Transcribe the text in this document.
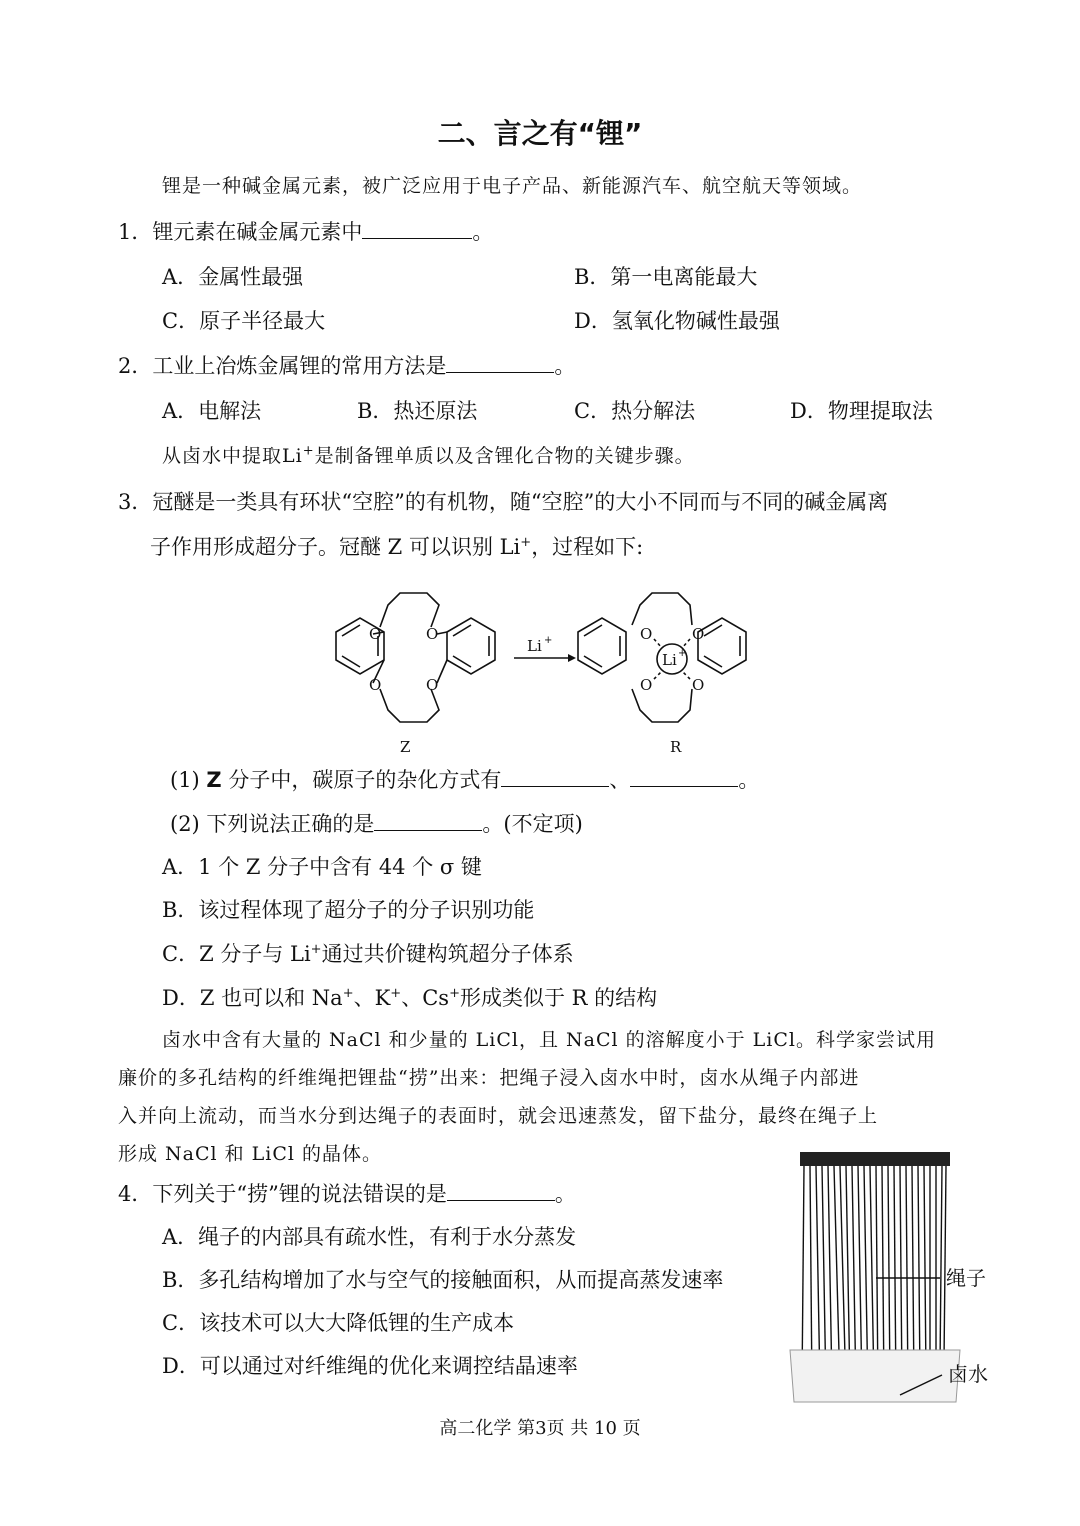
二、言之有“锂”
锂是一种碱金属元素，被广泛应用于电子产品、新能源汽车、航空航天等领域。
1．锂元素在碱金属元素中	。
A．金属性最强	B．第一电离能最大
C．原子半径最大	D．氢氧化物碱性最强
2．工业上冶炼金属锂的常用方法是	。
A．电解法	B．热还原法	C．热分解法	D．物理提取法
从卤水中提取Li+是制备锂单质以及含锂化合物的关键步骤。
3．冠醚是一类具有环状“空腔”的有机物，随“空腔”的大小不同而与不同的碱金属离
子作用形成超分子。冠醚 Z 可以识别 Li+，过程如下:
Li +
Li +
O	O
O	O
O	O
O	O
Z	R
(1) Z 分子中，碳原子的杂化方式有	、	。
(2) 下列说法正确的是	。(不定项)
A．1 个 Z 分子中含有 44 个 σ 键
B．该过程体现了超分子的分子识别功能
C．Z 分子与 Li+通过共价键构筑超分子体系
D．Z 也可以和 Na+、K+、Cs+形成类似于 R 的结构
卤水中含有大量的 NaCl 和少量的 LiCl，且 NaCl 的溶解度小于 LiCl。科学家尝试用
廉价的多孔结构的纤维绳把锂盐“捞”出来：把绳子浸入卤水中时，卤水从绳子内部进
入并向上流动，而当水分到达绳子的表面时，就会迅速蒸发，留下盐分，最终在绳子上
形成 NaCl 和 LiCl 的晶体。
4．下列关于“捞”锂的说法错误的是	。
A．绳子的内部具有疏水性，有利于水分蒸发
B．多孔结构增加了水与空气的接触面积，从而提高蒸发速率
C．该技术可以大大降低锂的生产成本
D．可以通过对纤维绳的优化来调控结晶速率
绳子
卤水
高二化学 第3页 共 10 页
